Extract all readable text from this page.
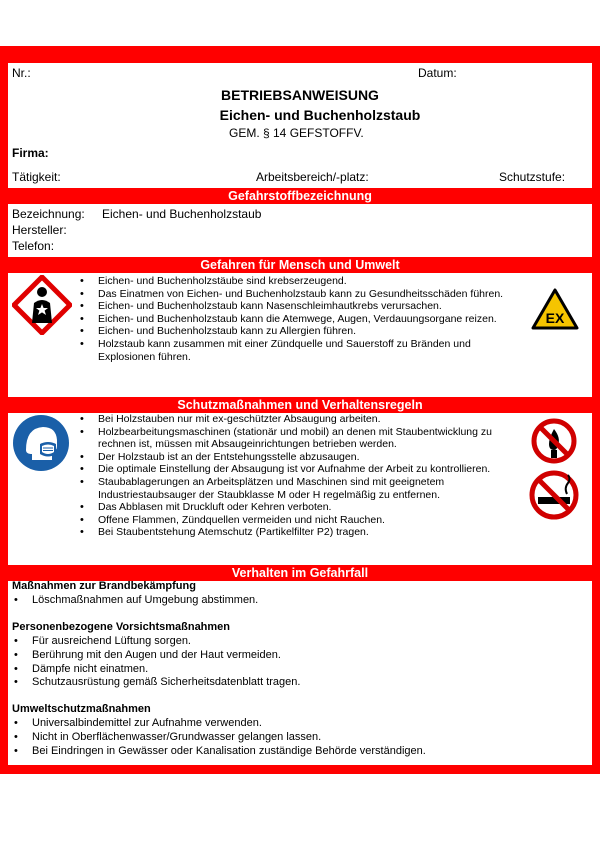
Nr.:	Datum:
BETRIEBSANWEISUNG
Eichen- und Buchenholzstaub
GEM. § 14 GEFSTOFFV.
Firma:
Tätigkeit:	Arbeitsbereich/-platz:	Schutzstufe:
Gefahrstoffbezeichnung
Bezeichnung: Eichen- und Buchenholzstaub
Hersteller:
Telefon:
Gefahren für Mensch und Umwelt
• Eichen- und Buchenholzstäube sind krebserzeugend.
• Das Einatmen von Eichen- und Buchenholzstaub kann zu Gesundheitsschäden führen.
• Eichen- und Buchenholzstaub kann Nasenschleimhautkrebs verursachen.
• Eichen- und Buchenholzstaub kann die Atemwege, Augen, Verdauungsorgane reizen.
• Eichen- und Buchenholzstaub kann zu Allergien führen.
• Holzstaub kann zusammen mit einer Zündquelle und Sauerstoff zu Bränden und Explosionen führen.
EX
Schutzmaßnahmen und Verhaltensregeln
• Bei Holzstauben nur mit ex-geschützter Absaugung arbeiten.
• Holzbearbeitungsmaschinen (stationär und mobil) an denen mit Staubentwicklung zu rechnen ist, müssen mit Absaugeinrichtungen betrieben werden.
• Der Holzstaub ist an der Entstehungsstelle abzusaugen.
• Die optimale Einstellung der Absaugung ist vor Aufnahme der Arbeit zu kontrollieren.
• Staubablagerungen an Arbeitsplätzen und Maschinen sind mit geeignetem Industriestaubsauger der Staubklasse M oder H regelmäßig zu entfernen.
• Das Abblasen mit Druckluft oder Kehren verboten.
• Offene Flammen, Zündquellen vermeiden und nicht Rauchen.
• Bei Staubentstehung Atemschutz (Partikelfilter P2) tragen.
Verhalten im Gefahrfall
Maßnahmen zur Brandbekämpfung
• Löschmaßnahmen auf Umgebung abstimmen.
Personenbezogene Vorsichtsmaßnahmen
• Für ausreichend Lüftung sorgen.
• Berührung mit den Augen und der Haut vermeiden.
• Dämpfe nicht einatmen.
• Schutzausrüstung gemäß Sicherheitsdatenblatt tragen.
Umweltschutzmaßnahmen
• Universalbindemittel zur Aufnahme verwenden.
• Nicht in Oberflächenwasser/Grundwasser gelangen lassen.
• Bei Eindringen in Gewässer oder Kanalisation zuständige Behörde verständigen.
